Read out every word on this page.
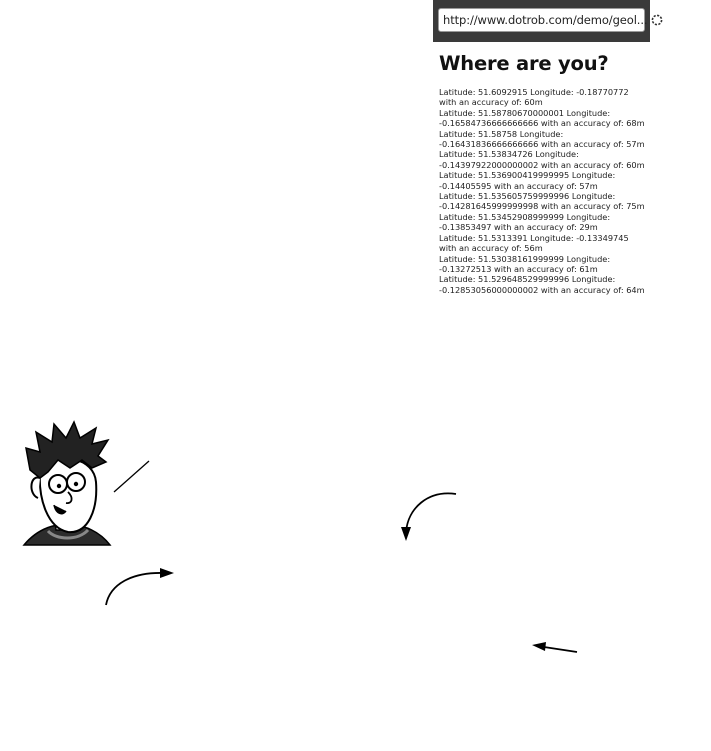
http://www.dotrob.com/demo/geol...
Where are you?
Latitude: 51.6092915 Longitude: -0.18770772 with an accuracy of: 60m
Latitude: 51.58780670000001 Longitude: -0.16584736666666666 with an accuracy of: 68m
Latitude: 51.58758 Longitude: -0.16431836666666666 with an accuracy of: 57m
Latitude: 51.53834726 Longitude: -0.14397922000000002 with an accuracy of: 60m
Latitude: 51.536900419999995 Longitude: -0.14405595 with an accuracy of: 57m
Latitude: 51.535605759999996 Longitude: -0.14281645999999998 with an accuracy of: 75m
Latitude: 51.53452908999999 Longitude: -0.13853497 with an accuracy of: 29m
Latitude: 51.5313391 Longitude: -0.13349745 with an accuracy of: 56m
Latitude: 51.53038161999999 Longitude: -0.13272513 with an accuracy of: 61m
Latitude: 51.529648529999996 Longitude: -0.12853056000000002 with an accuracy of: 64m
